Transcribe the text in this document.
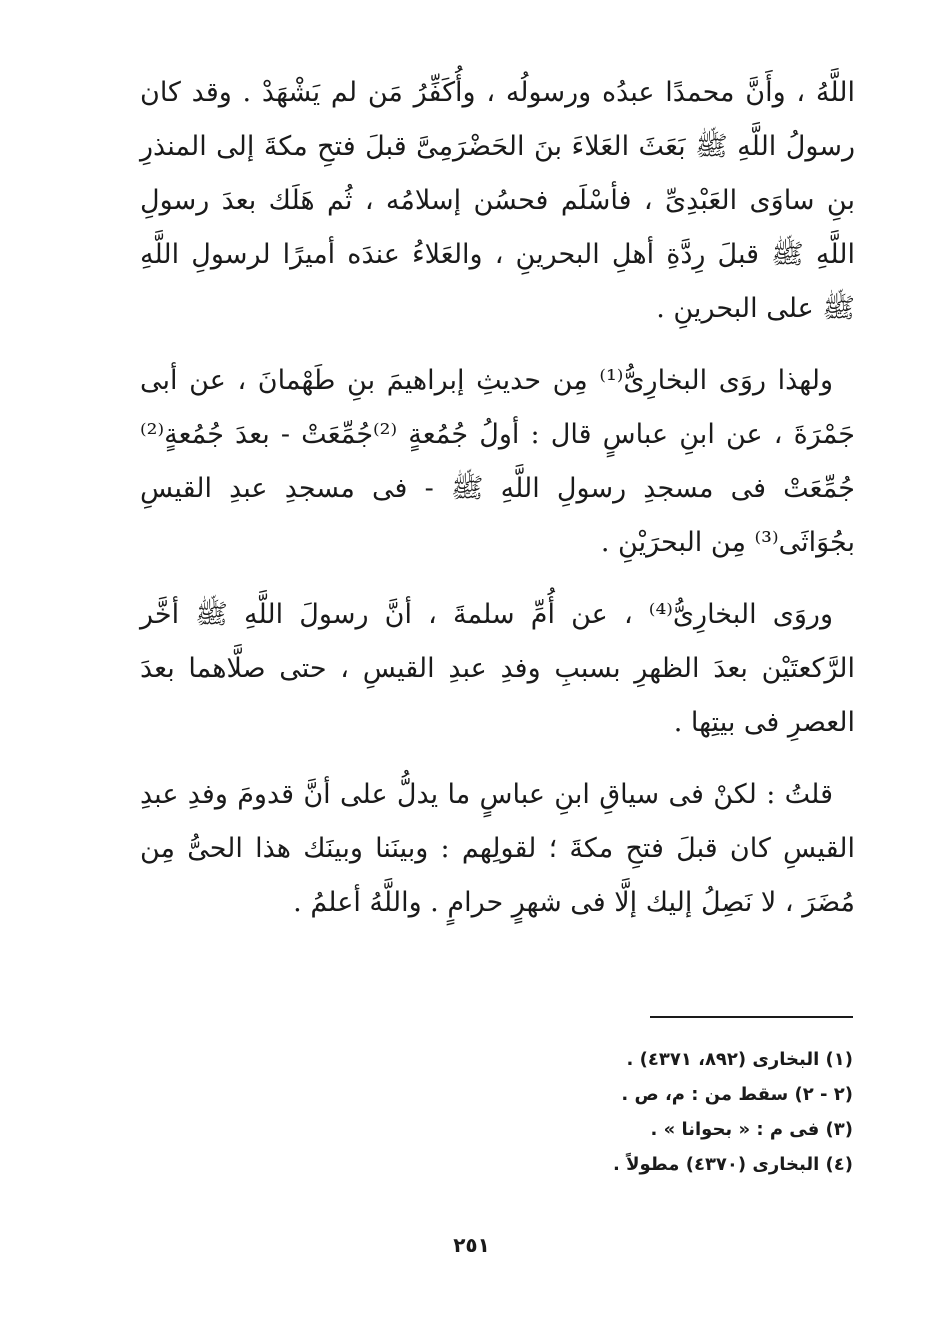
اللَّهُ ، وأَنَّ محمدًا عبدُه ورسولُه ، وأُكَفِّرُ مَن لم يَشْهَدْ . وقد كان رسولُ اللَّهِ ﷺ بَعَثَ العَلاءَ بنَ الحَضْرَمِىَّ قبلَ فتحِ مكةَ إلى المنذرِ بنِ ساوَى العَبْدِىِّ ، فأسْلَم فحسُن إسلامُه ، ثُم هَلَك بعدَ رسولِ اللَّهِ ﷺ قبلَ رِدَّةِ أهلِ البحرينِ ، والعَلاءُ عندَه أميرًا لرسولِ اللَّهِ ﷺ على البحرينِ .

ولهذا روَى البخارِىُّ⁽¹⁾ مِن حديثِ إبراهيمَ بنِ طَهْمانَ ، عن أبى جَمْرَةَ ، عن ابنِ عباسٍ قال : أولُ جُمُعةٍ ⁽²⁾جُمِّعَتْ - بعدَ جُمُعةٍ⁽²⁾ جُمِّعَتْ فى مسجدِ رسولِ اللَّهِ ﷺ - فى مسجدِ عبدِ القيسِ بجُوَاثَى⁽³⁾ مِن البحرَيْنِ .

وروَى البخارِىُّ⁽⁴⁾ ، عن أُمِّ سلمةَ ، أنَّ رسولَ اللَّهِ ﷺ أخَّر الرَّكعتَيْن بعدَ الظهرِ بسببِ وفدِ عبدِ القيسِ ، حتى صلَّاهما بعدَ العصرِ فى بيتِها .

قلتُ : لكنْ فى سياقِ ابنِ عباسٍ ما يدلُّ على أنَّ قدومَ وفدِ عبدِ القيسِ كان قبلَ فتحِ مكةَ ؛ لقولِهم : وبينَنا وبينَك هذا الحىُّ مِن مُضَرَ ، لا نَصِلُ إليك إلَّا فى شهرٍ حرامٍ . واللَّهُ أعلمُ .

(١) البخارى (٨٩٢، ٤٣٧١) .
(٢ - ٢) سقط من : م، ص .
(٣) فى م : « بحوانا » .
(٤) البخارى (٤٣٧٠) مطولاً .
٢٥١
